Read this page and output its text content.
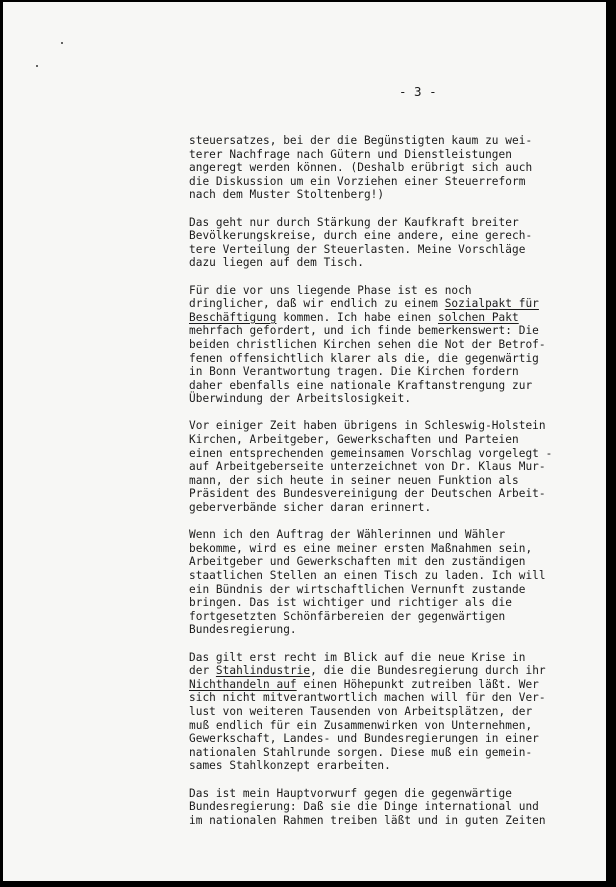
- 3 -

steuersatzes, bei der die Begünstigten kaum zu wei-
terer Nachfrage nach Gütern und Dienstleistungen
angeregt werden können. (Deshalb erübrigt sich auch
die Diskussion um ein Vorziehen einer Steuerreform
nach dem Muster Stoltenberg!)

Das geht nur durch Stärkung der Kaufkraft breiter
Bevölkerungskreise, durch eine andere, eine gerech-
tere Verteilung der Steuerlasten. Meine Vorschläge
dazu liegen auf dem Tisch.

Für die vor uns liegende Phase ist es noch
dringlicher, daß wir endlich zu einem Sozialpakt für
Beschäftigung kommen. Ich habe einen solchen Pakt
mehrfach gefordert, und ich finde bemerkenswert: Die
beiden christlichen Kirchen sehen die Not der Betrof-
fenen offensichtlich klarer als die, die gegenwärtig
in Bonn Verantwortung tragen. Die Kirchen fordern
daher ebenfalls eine nationale Kraftanstrengung zur
Überwindung der Arbeitslosigkeit.

Vor einiger Zeit haben übrigens in Schleswig-Holstein
Kirchen, Arbeitgeber, Gewerkschaften und Parteien
einen entsprechenden gemeinsamen Vorschlag vorgelegt -
auf Arbeitgeberseite unterzeichnet von Dr. Klaus Mur-
mann, der sich heute in seiner neuen Funktion als
Präsident des Bundesvereinigung der Deutschen Arbeit-
geberverbände sicher daran erinnert.

Wenn ich den Auftrag der Wählerinnen und Wähler
bekomme, wird es eine meiner ersten Maßnahmen sein,
Arbeitgeber und Gewerkschaften mit den zuständigen
staatlichen Stellen an einen Tisch zu laden. Ich will
ein Bündnis der wirtschaftlichen Vernunft zustande
bringen. Das ist wichtiger und richtiger als die
fortgesetzten Schönfärbereien der gegenwärtigen
Bundesregierung.

Das gilt erst recht im Blick auf die neue Krise in
der Stahlindustrie, die die Bundesregierung durch ihr
Nichthandeln auf einen Höhepunkt zutreiben läßt. Wer
sich nicht mitverantwortlich machen will für den Ver-
lust von weiteren Tausenden von Arbeitsplätzen, der
muß endlich für ein Zusammenwirken von Unternehmen,
Gewerkschaft, Landes- und Bundesregierungen in einer
nationalen Stahlrunde sorgen. Diese muß ein gemein-
sames Stahlkonzept erarbeiten.

Das ist mein Hauptvorwurf gegen die gegenwärtige
Bundesregierung: Daß sie die Dinge international und
im nationalen Rahmen treiben läßt und in guten Zeiten
